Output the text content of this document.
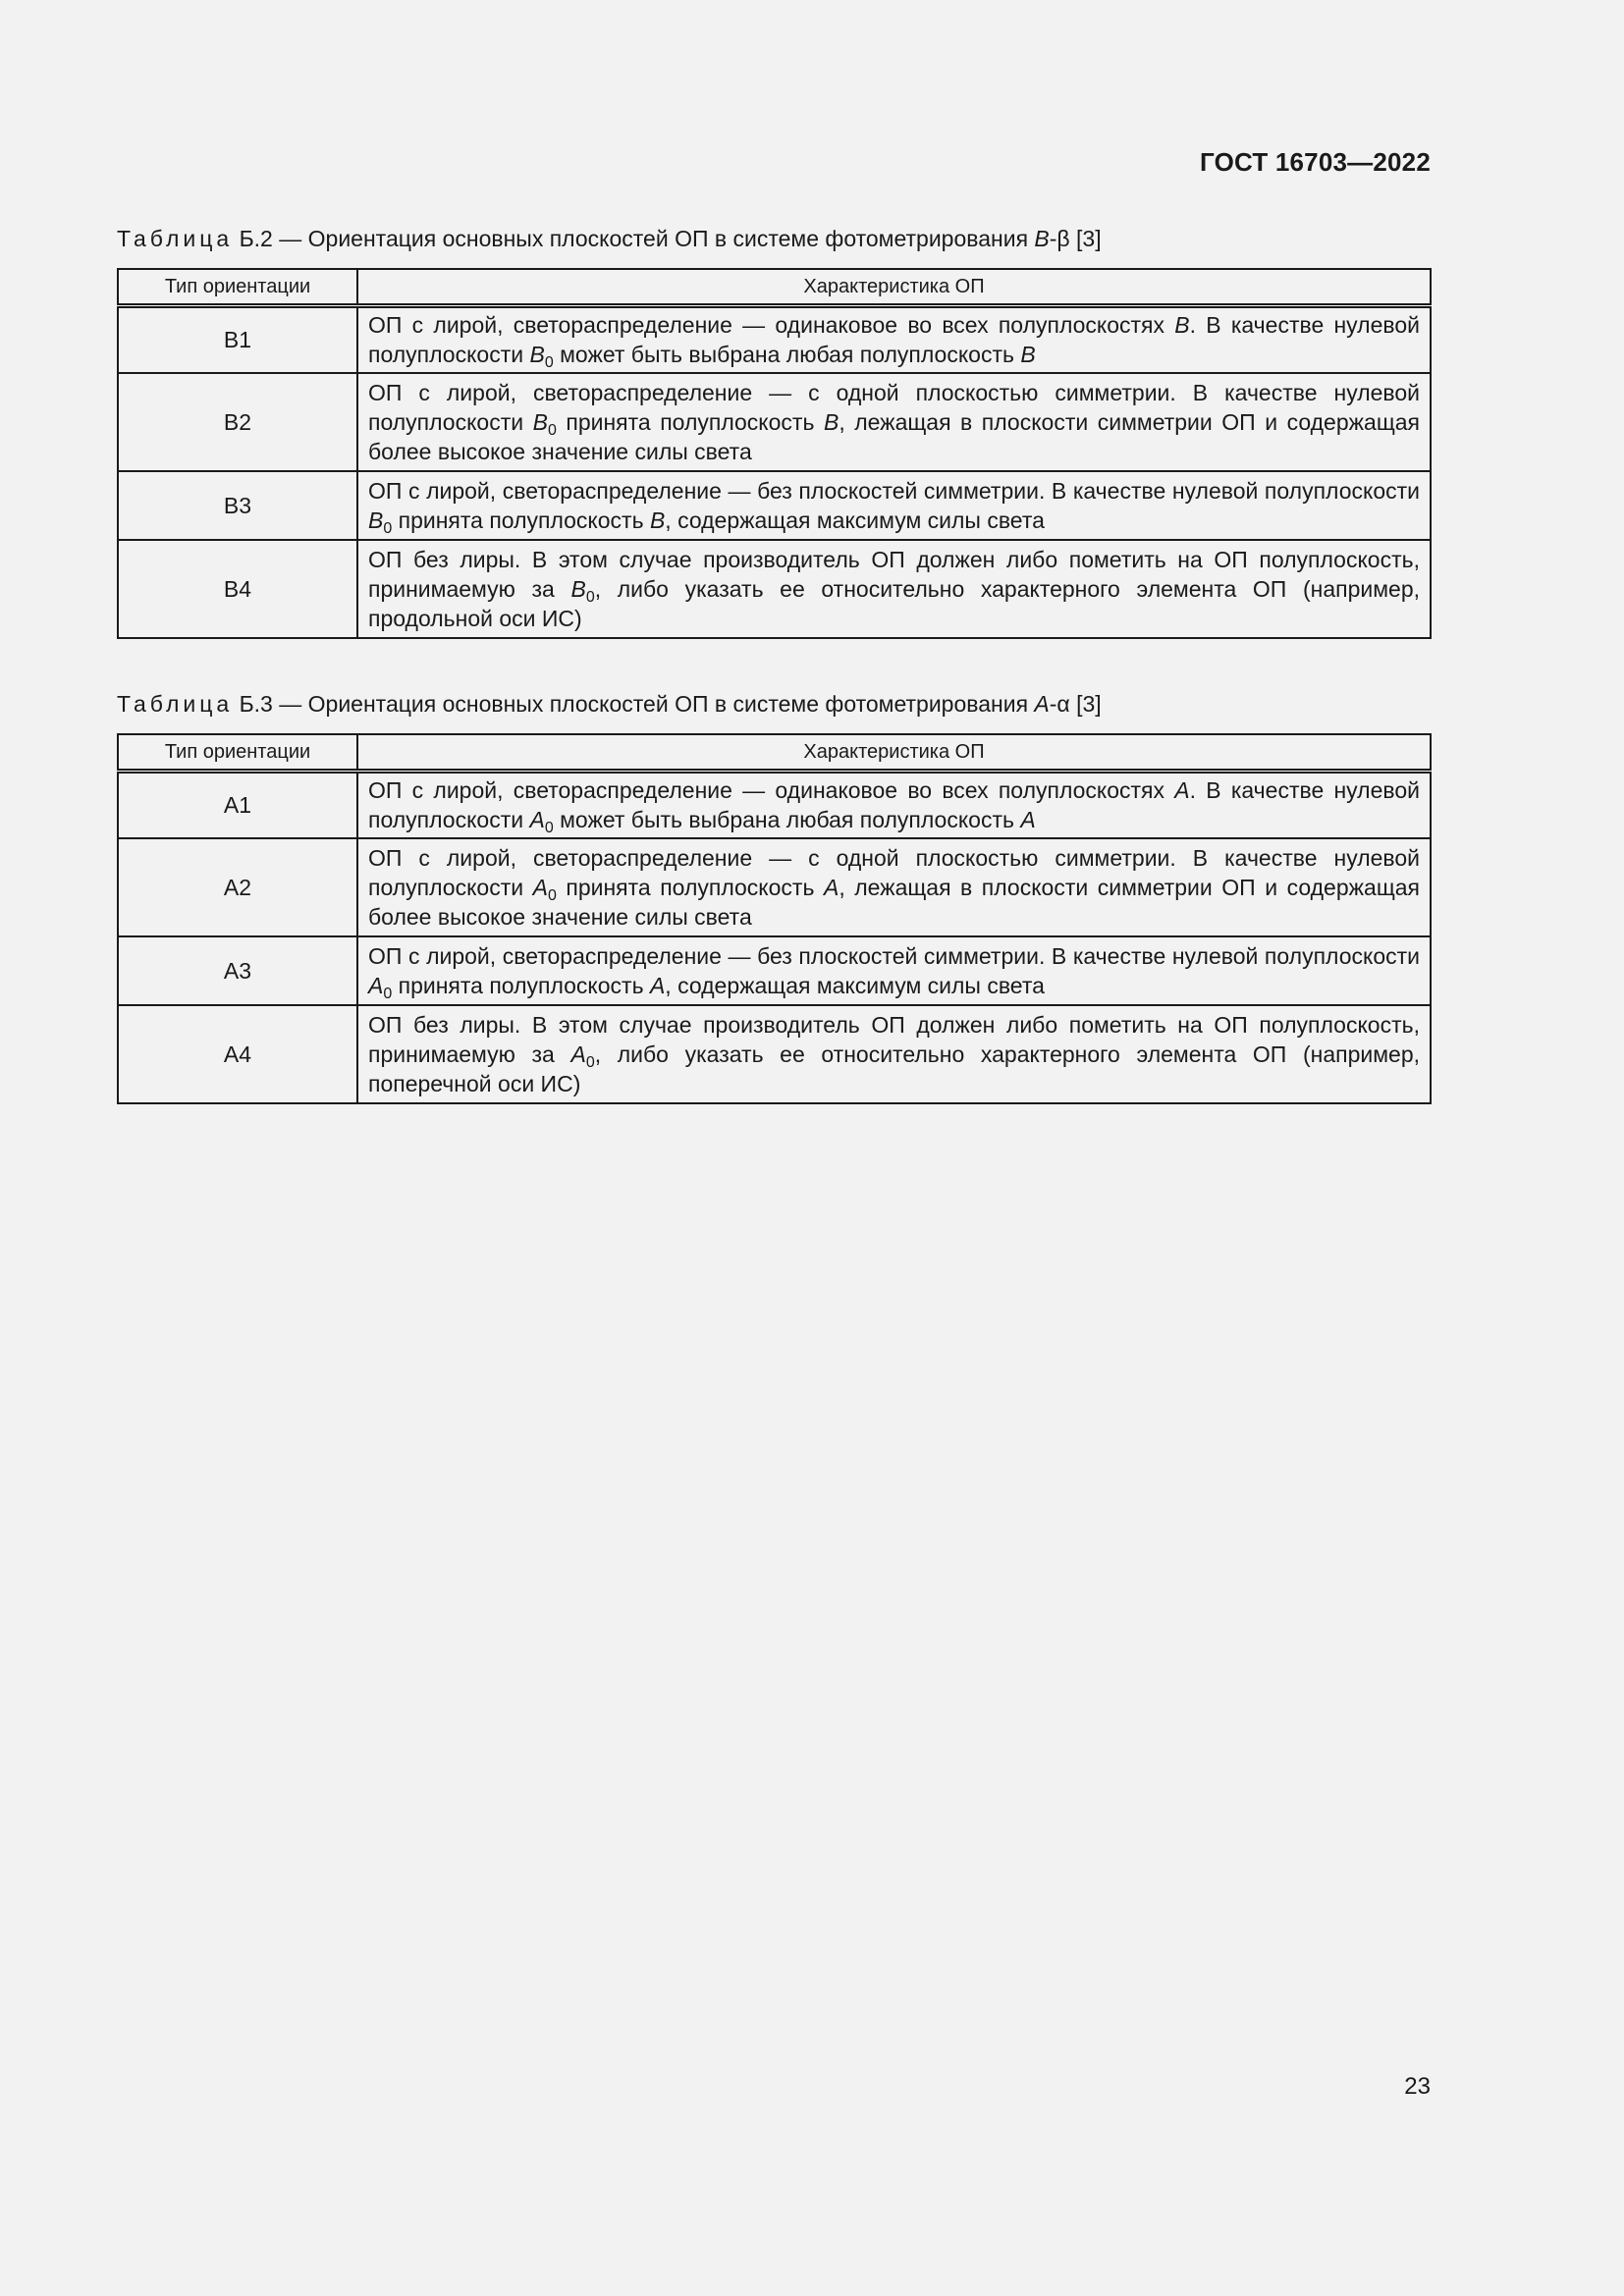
ГОСТ 16703—2022
Таблица Б.2 — Ориентация основных плоскостей ОП в системе фотометрирования В-β [3]
Тип ориентации	Характеристика ОП
В1	ОП с лирой, светораспределение — одинаковое во всех полуплоскостях В. В качестве нулевой полуплоскости $В_0$ может быть выбрана любая полуплоскость В
В2	ОП с лирой, светораспределение — с одной плоскостью симметрии. В качестве нулевой полуплоскости $В_0$ принята полуплоскость В, лежащая в плоскости симметрии ОП и содержащая более высокое значение силы света
В3	ОП с лирой, светораспределение — без плоскостей симметрии. В качестве нулевой полуплоскости $В_0$ принята полуплоскость В, содержащая максимум силы света
В4	ОП без лиры. В этом случае производитель ОП должен либо пометить на ОП полуплоскость, принимаемую за $В_0$, либо указать ее относительно характерного элемента ОП (например, продольной оси ИС)
Таблица Б.3 — Ориентация основных плоскостей ОП в системе фотометрирования А-α [3]
Тип ориентации	Характеристика ОП
А1	ОП с лирой, светораспределение — одинаковое во всех полуплоскостях А. В качестве нулевой полуплоскости $А_0$ может быть выбрана любая полуплоскость А
А2	ОП с лирой, светораспределение — с одной плоскостью симметрии. В качестве нулевой полуплоскости $А_0$ принята полуплоскость А, лежащая в плоскости симметрии ОП и содержащая более высокое значение силы света
А3	ОП с лирой, светораспределение — без плоскостей симметрии. В качестве нулевой полуплоскости $А_0$ принята полуплоскость А, содержащая максимум силы света
А4	ОП без лиры. В этом случае производитель ОП должен либо пометить на ОП полуплоскость, принимаемую за $А_0$, либо указать ее относительно характерного элемента ОП (например, поперечной оси ИС)
23
